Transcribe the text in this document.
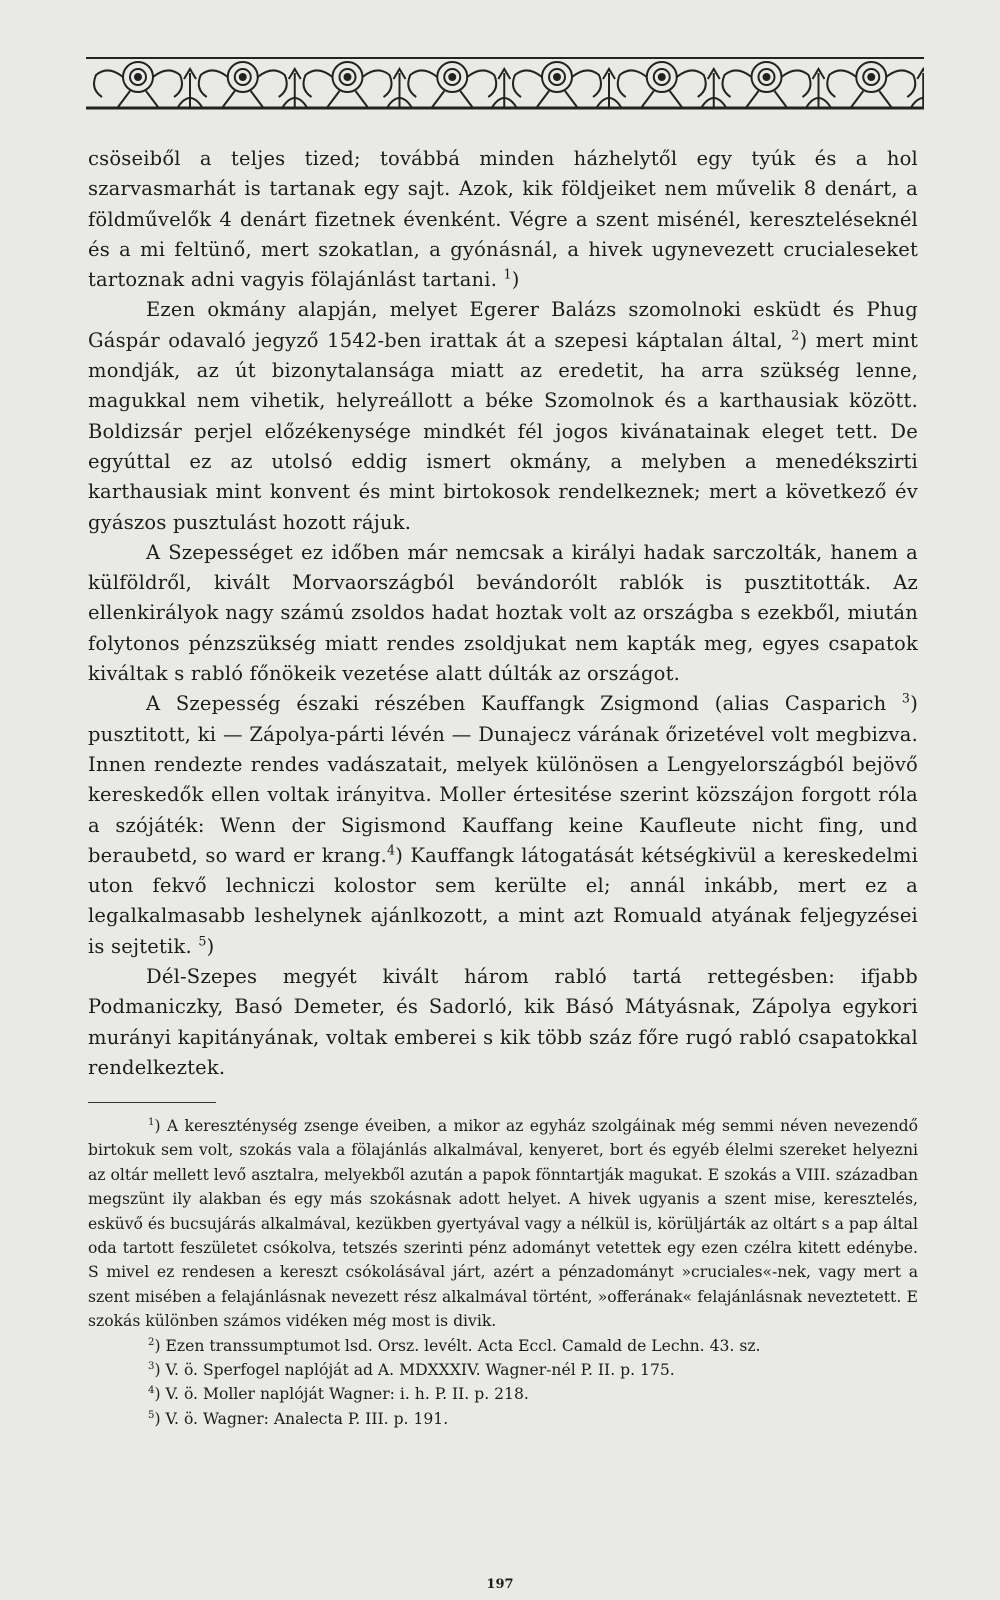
csöseiből a teljes tized; továbbá minden házhelytől egy tyúk és a hol szarvasmarhát is tartanak egy sajt. Azok, kik földjeiket nem művelik 8 denárt, a földművelők 4 denárt fizetnek évenként. Végre a szent misénél, kereszteléseknél és a mi feltünő, mert szokatlan, a gyónásnál, a hivek ugynevezett crucialeseket tartoznak adni vagyis fölajánlást tartani. $^1$)

Ezen okmány alapján, melyet Egerer Balázs szomolnoki esküdt és Phug Gáspár odavaló jegyző 1542-ben irattak át a szepesi káptalan által, $^2$) mert mint mondják, az út bizonytalansága miatt az eredetit, ha arra szükség lenne, magukkal nem vihetik, helyreállott a béke Szomolnok és a karthausiak között. Boldizsár perjel előzékenysége mindkét fél jogos kivánatainak eleget tett. De egyúttal ez az utolsó eddig ismert okmány, a melyben a menedékszirti karthausiak mint konvent és mint birtokosok rendelkeznek; mert a következő év gyászos pusztulást hozott rájuk.

A Szepességet ez időben már nemcsak a királyi hadak sarczolták, hanem a külföldről, kivált Morvaországból bevándorólt rablók is pusztitották. Az ellenkirályok nagy számú zsoldos hadat hoztak volt az országba s ezekből, miután folytonos pénzszükség miatt rendes zsoldjukat nem kapták meg, egyes csapatok kiváltak s rabló főnökeik vezetése alatt dúlták az országot.

A Szepesség északi részében Kauffangk Zsigmond (alias Casparich $^3$) pusztitott, ki — Zápolya-párti lévén — Dunajecz várának őrizetével volt megbizva. Innen rendezte rendes vadászatait, melyek különösen a Lengyelországból bejövő kereskedők ellen voltak irányitva. Moller értesitése szerint közszájon forgott róla a szójáték: Wenn der Sigismond Kauffang keine Kaufleute nicht fing, und beraubetd, so ward er krang.$^4$) Kauffangk látogatását kétségkivül a kereskedelmi uton fekvő lechniczi kolostor sem kerülte el; annál inkább, mert ez a legalkalmasabb leshelynek ajánlkozott, a mint azt Romuald atyának feljegyzései is sejtetik. $^5$)

Dél-Szepes megyét kivált három rabló tartá rettegésben: ifjabb Podmaniczky, Basó Demeter, és Sadorló, kik Básó Mátyásnak, Zápolya egykori murányi kapitányának, voltak emberei s kik több száz főre rugó rabló csapatokkal rendelkeztek.

$^1$) A kereszténység zsenge éveiben, a mikor az egyház szolgáinak még semmi néven nevezendő birtokuk sem volt, szokás vala a fölajánlás alkalmával, kenyeret, bort és egyéb élelmi szereket helyezni az oltár mellett levő asztalra, melyekből azután a papok fönntartják magukat. E szokás a VIII. században megszünt ily alakban és egy más szokásnak adott helyet. A hivek ugyanis a szent mise, keresztelés, esküvő és bucsujárás alkalmával, kezükben gyertyával vagy a nélkül is, körüljárták az oltárt s a pap által oda tartott feszületet csókolva, tetszés szerinti pénz adományt vetettek egy ezen czélra kitett edénybe. S mivel ez rendesen a kereszt csókolásával járt, azért a pénzadományt »cruciales«-nek, vagy mert a szent misében a felajánlásnak nevezett rész alkalmával történt, »offerának« felajánlásnak neveztetett. E szokás különben számos vidéken még most is divik.

$^2$) Ezen transsumptumot lsd. Orsz. levélt. Acta Eccl. Camald de Lechn. 43. sz.

$^3$) V. ö. Sperfogel naplóját ad A. MDXXXIV. Wagner-nél P. II. p. 175.

$^4$) V. ö. Moller naplóját Wagner: i. h. P. II. p. 218.

$^5$) V. ö. Wagner: Analecta P. III. p. 191.

197
